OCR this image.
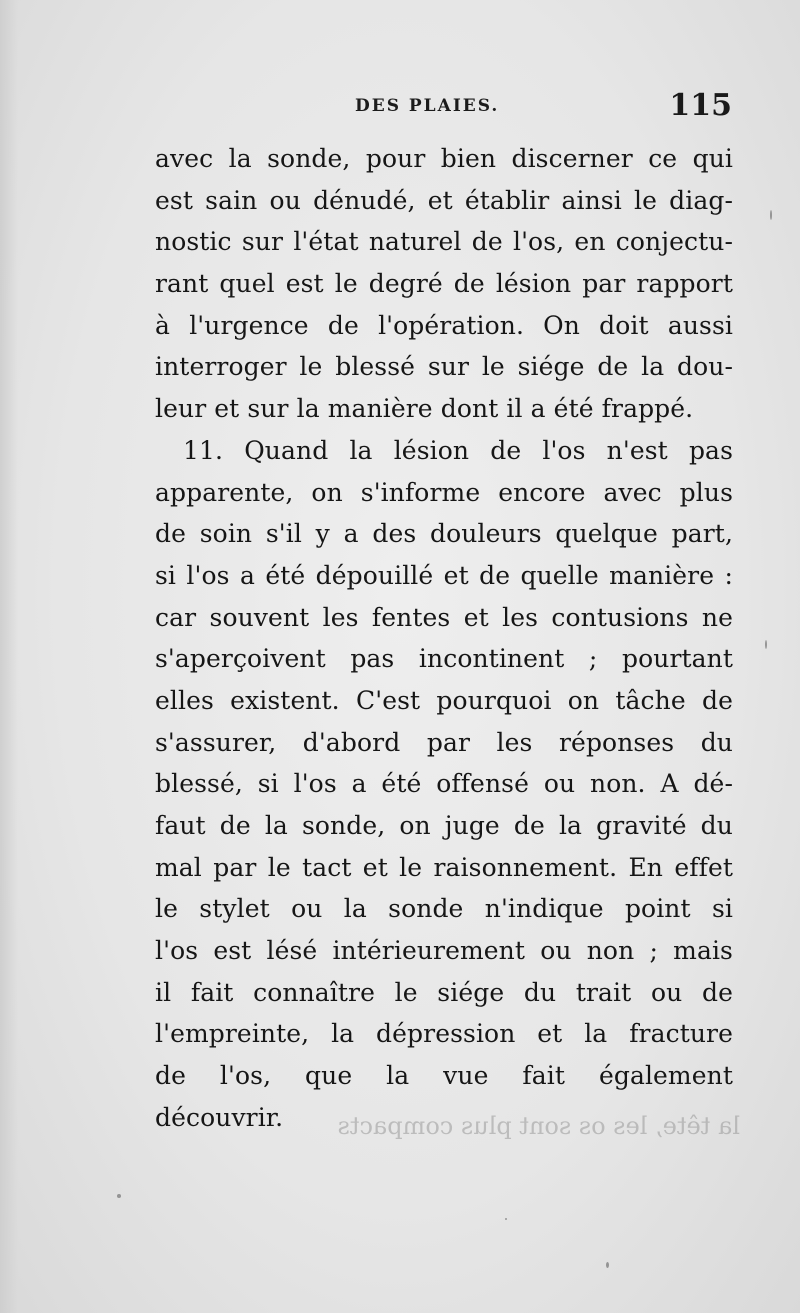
DES PLAIES.	115
avec la sonde, pour bien discerner ce qui
est sain ou dénudé, et établir ainsi le diag-
nostic sur l'état naturel de l'os, en conjectu-
rant quel est le degré de lésion par rapport
à l'urgence de l'opération. On doit aussi
interroger le blessé sur le siége de la dou-
leur et sur la manière dont il a été frappé.
11. Quand la lésion de l'os n'est pas
apparente, on s'informe encore avec plus
de soin s'il y a des douleurs quelque part,
si l'os a été dépouillé et de quelle manière :
car souvent les fentes et les contusions ne
s'aperçoivent pas incontinent ; pourtant
elles existent. C'est pourquoi on tâche de
s'assurer, d'abord par les réponses du
blessé, si l'os a été offensé ou non. A dé-
faut de la sonde, on juge de la gravité du
mal par le tact et le raisonnement. En effet
le stylet ou la sonde n'indique point si
l'os est lésé intérieurement ou non ; mais
il fait connaître le siége du trait ou de
l'empreinte, la dépression et la fracture
de l'os, que la vue fait également
découvrir.	la tête, les os sont plus compacts
